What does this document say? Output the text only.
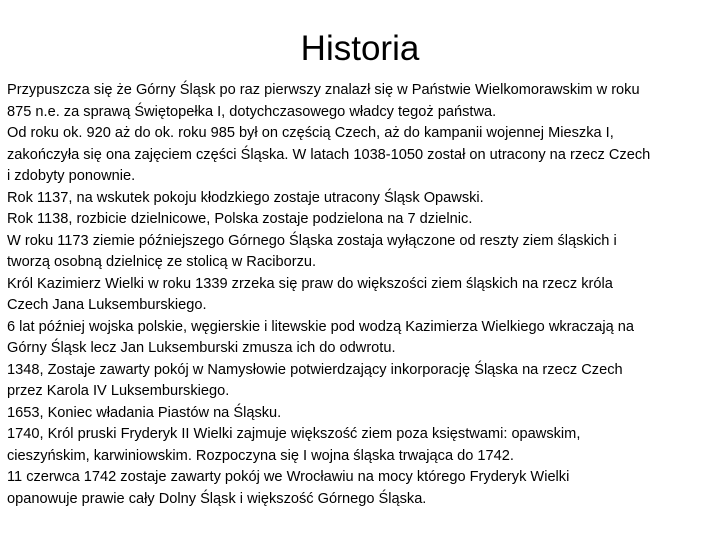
Historia
Przypuszcza się że Górny Śląsk po raz pierwszy znalazł się w Państwie Wielkomorawskim w roku
875 n.e. za sprawą Świętopełka I, dotychczasowego władcy tegoż państwa.
Od roku ok. 920 aż do ok. roku 985 był on częścią Czech, aż do kampanii wojennej Mieszka I,
zakończyła się ona zajęciem części Śląska. W latach 1038-1050 został on utracony na rzecz Czech
i zdobyty ponownie.
Rok 1137, na wskutek pokoju kłodzkiego zostaje utracony Śląsk Opawski.
Rok 1138, rozbicie dzielnicowe, Polska zostaje podzielona na 7 dzielnic.
W roku 1173 ziemie późniejszego Górnego Śląska zostaja wyłączone od reszty ziem śląskich i
tworzą osobną dzielnicę ze stolicą w Raciborzu.
Król Kazimierz Wielki w roku 1339 zrzeka się praw do większości ziem śląskich na rzecz króla
Czech Jana Luksemburskiego.
6 lat później wojska polskie, węgierskie i litewskie pod wodzą Kazimierza Wielkiego wkraczają na
Górny Śląsk lecz Jan Luksemburski zmusza ich do odwrotu.
1348, Zostaje zawarty pokój w Namysłowie potwierdzający inkorporację Śląska na rzecz Czech
przez Karola IV Luksemburskiego.
1653, Koniec władania Piastów na Śląsku.
1740, Król pruski Fryderyk II Wielki zajmuje większość ziem poza księstwami: opawskim,
cieszyńskim, karwiniowskim. Rozpoczyna się I wojna śląska trwająca do 1742.
11 czerwca 1742 zostaje zawarty pokój we Wrocławiu na mocy którego Fryderyk Wielki
opanowuje prawie cały Dolny Śląsk i większość Górnego Śląska.
